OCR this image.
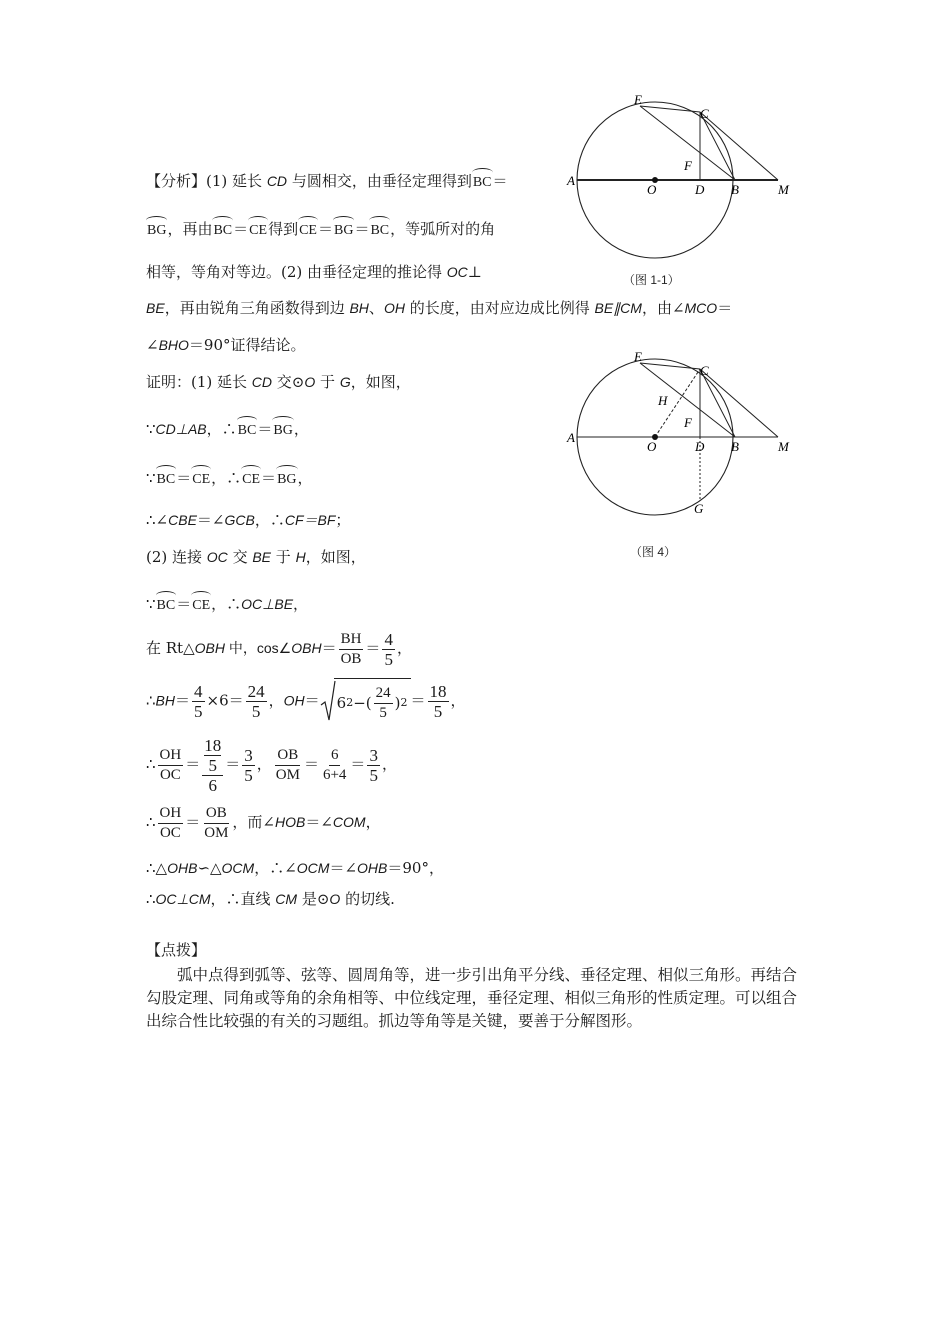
E
C
F
A
O	D B	M
（图 1-1）
E
C
H
F
A
O	D B	M
G
（图 4）
【分析】(1) 延长 CD 与圆相交，由垂径定理得到BC＝
BG，再由BC＝CE得到CE＝BG＝BC，等弧所对的角
相等，等角对等边。(2) 由垂径定理的推论得 OC⊥
BE，再由锐角三角函数得到边 BH、OH 的长度，由对应边成比例得 BE∥CM，由∠MCO＝
∠BHO＝90°证得结论。
证明：(1) 延长 CD 交⊙O 于 G，如图，
∵CD⊥AB，∴BC＝BG，
∵BC＝CE，∴CE＝BG，
∴∠CBE＝∠GCB，∴CF＝BF；
(2) 连接 OC 交 BE 于 H，如图，
∵BC＝CE，∴OC⊥BE，
在 Rt△OBH 中，cos∠OBH＝ $\frac{BH}{OB} = \frac{4}{5}$ ，
∴BH＝ $\frac{4}{5} \times 6= \frac{24}{5}$ ，OH＝ 6 2 −( $\frac{24}{5}$ ) $2 = \frac{18}{5}$ ，
∴ $\frac{OH}{OC} = 18$
5
$6 = \frac{3}{5}$ ， $\frac{OB}{OM} = \frac{6}{6+4} = \frac{3}{5}$ ，
∴ $\frac{OH}{OC} = \frac{OB}{OM}$ ，而∠HOB＝∠COM，
∴△OHB∽△OCM，∴∠OCM＝∠OHB＝90°，
∴OC⊥CM，∴直线 CM 是⊙O 的切线.
【点拨】
弧中点得到弧等、弦等、圆周角等，进一步引出角平分线、垂径定理、相似三角形。再结合勾股定理、同角或等角的余角相等、中位线定理，垂径定理、相似三角形的性质定理。可以组合出综合性比较强的有关的习题组。抓边等角等是关键，要善于分解图形。
